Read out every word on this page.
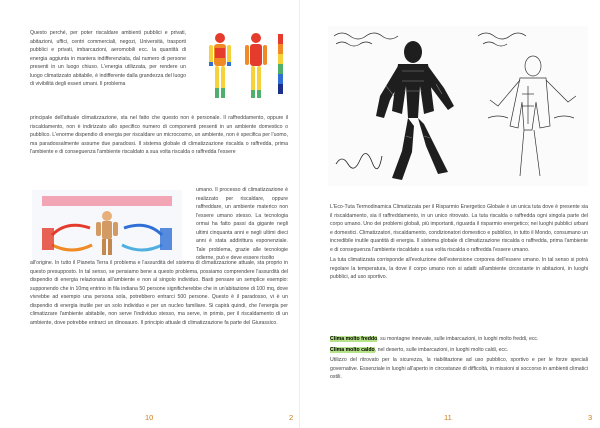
Questo perché, per poter riscaldare ambienti pubblici e privati, abitazioni, uffici, centri commerciali, negozi, Università, trasporti pubblici e privati, imbarcazioni, aeromobili ecc. la quantità di energia aggiunta in maniera indifferenziata, dal numero di persone presenti in un luogo chiuso. L'energia utilizzata, per rendere un luogo climatizzato abitabile, è indifferente dalla grandezza del luogo di vivibilità degli esseri umani. Il problema

principale dell'attuale climatizzazione, sta nel fatto che questo non è personale. Il raffreddamento, oppure il riscaldamento, non è indirizzato allo specifico numero di componenti presenti in un ambiente domestico o pubblico. L'enorme dispendio di energia per riscaldare un microcosmo, un ambiente, non è specifica per l'uomo, ma paradossalmente assume due paradossi. Il sistema globale di climatizzazione riscalda o raffredda, prima l'ambiente e di conseguenza l'ambiente riscaldato a sua volta riscalda o raffredda l'essere

umano. Il processo di climatizzazione è realizzato per riscaldare, oppure raffreddare, un ambiente materico non l'essere umano stesso. La tecnologia ormai ha fatto passi da gigante negli ultimi cinquanta anni e negli ultimi dieci anni è stata addirittura esponenziale. Tale problema, grazie alle tecnologie odierne, può e deve essere risolto

all'origine. In tutto il Pianeta Terra il problema e l'assurdità del sistema di climatizzazione attuale, sta proprio in questo presupposto. In tal senso, se pensiamo bene a questo problema, possiamo comprendere l'assurdità del dispendio di energia relazionata all'ambiente e non al singolo individuo. Basti pensare un semplice esempio: supponendo che in 10mq entrino in fila indiana 50 persone significherebbe che in un'abitazione di 100 mq, dove vivrebbe ad esempio una persona sola, potrebbero entrarci 500 persone. Questo è il paradosso, vi è un dispendio di energia inutile per un solo individuo e per un nucleo familiare. Si capirà quindi, che l'energia per climatizzare l'ambiente abitabile, non serve l'individuo stesso, ma serve, in primis, per il riscaldamento di un ambiente, dove potrebbe entrarci un dinosauro. Il principio attuale di climatizzazione fa parte del Giurassico.

10	2

L'Eco-Tuta Termodinamica Climatizzata per il Risparmio Energetico Globale è un unica tuta dove è presente sia il riscaldamento, sia il raffreddamento, in un unico ritrovato. La tuta riscalda o raffredda ogni singola parte del corpo umano. Uno dei problemi globali, più importanti, riguarda il risparmio energetico; nei luoghi pubblici urbani e domestici. Climatizzatori, riscaldamento, condizionatori domestico e pubblico, in tutto il Mondo, consumano un incredibile inutile quantità di energia. Il sistema globale di climatizzazione riscalda o raffredda, prima l'ambiente e di conseguenza l'ambiente riscaldato a sua volta riscalda o raffredda l'essere umano.

La tuta climatizzata corrisponde all'evoluzione dell'estensione corporea dell'essere umano. In tal senso si potrà regolare la temperatura, la dove il corpo umano non si adatti all'ambiente circostante in abitazioni, in luoghi pubblici, ad uso sportivo.

Clima molto freddo, su montagne innevate, sulle imbarcazioni, in luoghi molto freddi, ecc.

Clima molto caldo, nel deserto, sulle imbarcazioni, in luoghi molto caldi, ecc.

Utilizzo del ritrovato per la sicurezza, la riabilitazione ad uso pubblico, sportivo e per le forze speciali governative. Essenziale in luoghi all'aperto in circostanze di difficoltà, in missioni si soccorso in ambienti climatici ostili.

11	3
